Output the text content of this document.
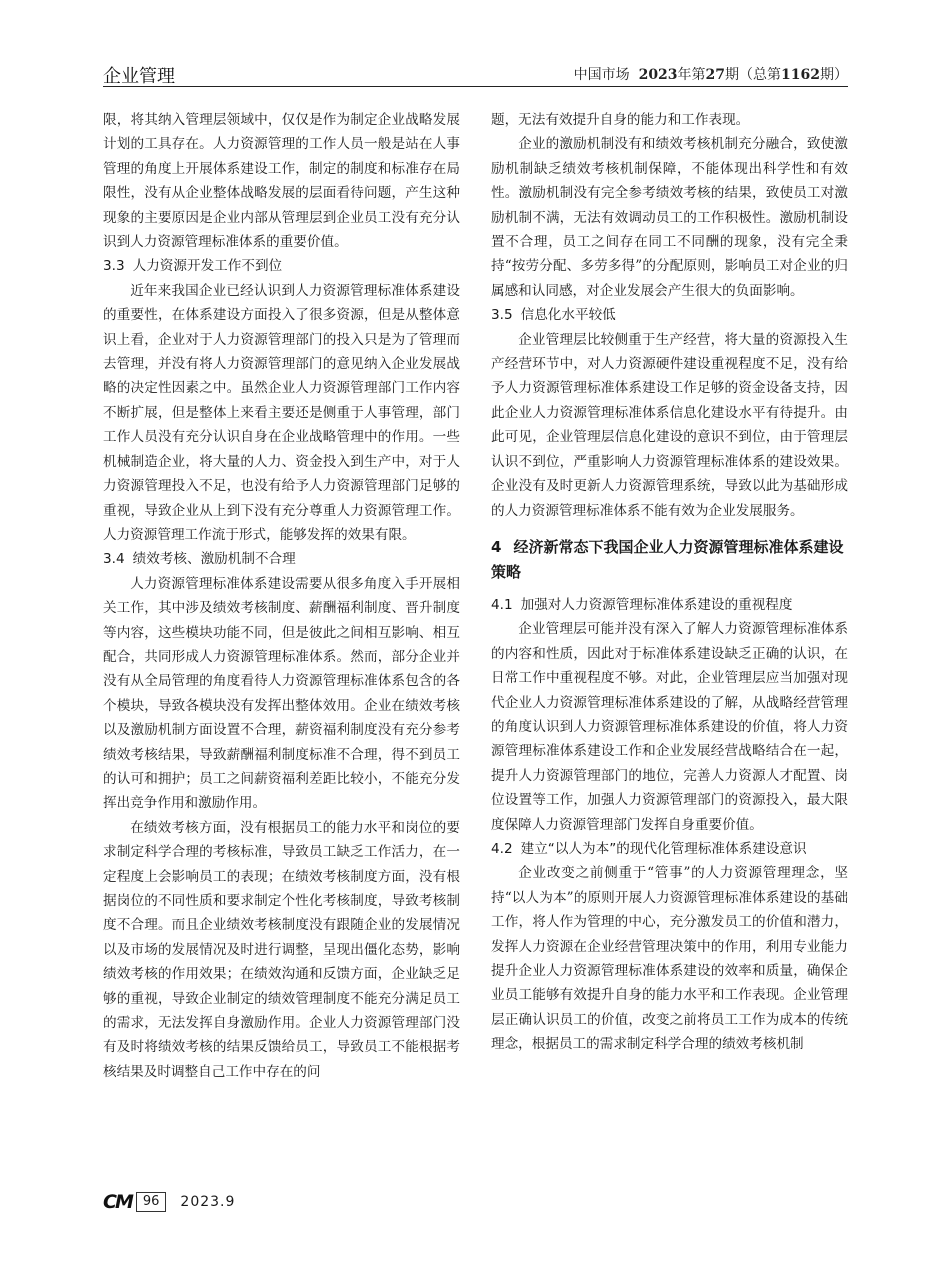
企业管理	中国市场 2023年第27期（总第1162期）

限，将其纳入管理层领域中，仅仅是作为制定企业战略发展计划的工具存在。人力资源管理的工作人员一般是站在人事管理的角度上开展体系建设工作，制定的制度和标准存在局限性，没有从企业整体战略发展的层面看待问题，产生这种现象的主要原因是企业内部从管理层到企业员工没有充分认识到人力资源管理标准体系的重要价值。

3.3 人力资源开发工作不到位

近年来我国企业已经认识到人力资源管理标准体系建设的重要性，在体系建设方面投入了很多资源，但是从整体意识上看，企业对于人力资源管理部门的投入只是为了管理而去管理，并没有将人力资源管理部门的意见纳入企业发展战略的决定性因素之中。虽然企业人力资源管理部门工作内容不断扩展，但是整体上来看主要还是侧重于人事管理，部门工作人员没有充分认识自身在企业战略管理中的作用。一些机械制造企业，将大量的人力、资金投入到生产中，对于人力资源管理投入不足，也没有给予人力资源管理部门足够的重视，导致企业从上到下没有充分尊重人力资源管理工作。人力资源管理工作流于形式，能够发挥的效果有限。

3.4 绩效考核、激励机制不合理

人力资源管理标准体系建设需要从很多角度入手开展相关工作，其中涉及绩效考核制度、薪酬福利制度、晋升制度等内容，这些模块功能不同，但是彼此之间相互影响、相互配合，共同形成人力资源管理标准体系。然而，部分企业并没有从全局管理的角度看待人力资源管理标准体系包含的各个模块，导致各模块没有发挥出整体效用。企业在绩效考核以及激励机制方面设置不合理，薪资福利制度没有充分参考绩效考核结果，导致薪酬福利制度标准不合理，得不到员工的认可和拥护；员工之间薪资福利差距比较小，不能充分发挥出竞争作用和激励作用。

在绩效考核方面，没有根据员工的能力水平和岗位的要求制定科学合理的考核标准，导致员工缺乏工作活力，在一定程度上会影响员工的表现；在绩效考核制度方面，没有根据岗位的不同性质和要求制定个性化考核制度，导致考核制度不合理。而且企业绩效考核制度没有跟随企业的发展情况以及市场的发展情况及时进行调整，呈现出僵化态势，影响绩效考核的作用效果；在绩效沟通和反馈方面，企业缺乏足够的重视，导致企业制定的绩效管理制度不能充分满足员工的需求，无法发挥自身激励作用。企业人力资源管理部门没有及时将绩效考核的结果反馈给员工，导致员工不能根据考核结果及时调整自己工作中存在的问

题，无法有效提升自身的能力和工作表现。

企业的激励机制没有和绩效考核机制充分融合，致使激励机制缺乏绩效考核机制保障，不能体现出科学性和有效性。激励机制没有完全参考绩效考核的结果，致使员工对激励机制不满，无法有效调动员工的工作积极性。激励机制设置不合理，员工之间存在同工不同酬的现象，没有完全秉持“按劳分配、多劳多得”的分配原则，影响员工对企业的归属感和认同感，对企业发展会产生很大的负面影响。

3.5 信息化水平较低

企业管理层比较侧重于生产经营，将大量的资源投入生产经营环节中，对人力资源硬件建设重视程度不足，没有给予人力资源管理标准体系建设工作足够的资金设备支持，因此企业人力资源管理标准体系信息化建设水平有待提升。由此可见，企业管理层信息化建设的意识不到位，由于管理层认识不到位，严重影响人力资源管理标准体系的建设效果。企业没有及时更新人力资源管理系统，导致以此为基础形成的人力资源管理标准体系不能有效为企业发展服务。

4 经济新常态下我国企业人力资源管理标准体系建设策略
4.1 加强对人力资源管理标准体系建设的重视程度

企业管理层可能并没有深入了解人力资源管理标准体系的内容和性质，因此对于标准体系建设缺乏正确的认识，在日常工作中重视程度不够。对此，企业管理层应当加强对现代企业人力资源管理标准体系建设的了解，从战略经营管理的角度认识到人力资源管理标准体系建设的价值，将人力资源管理标准体系建设工作和企业发展经营战略结合在一起，提升人力资源管理部门的地位，完善人力资源人才配置、岗位设置等工作，加强人力资源管理部门的资源投入，最大限度保障人力资源管理部门发挥自身重要价值。

4.2 建立“以人为本”的现代化管理标准体系建设意识

企业改变之前侧重于“管事”的人力资源管理理念，坚持“以人为本”的原则开展人力资源管理标准体系建设的基础工作，将人作为管理的中心，充分激发员工的价值和潜力，发挥人力资源在企业经营管理决策中的作用，利用专业能力提升企业人力资源管理标准体系建设的效率和质量，确保企业员工能够有效提升自身的能力水平和工作表现。企业管理层正确认识员工的价值，改变之前将员工工作为成本的传统理念，根据员工的需求制定科学合理的绩效考核机制

CM 96	2023.9
